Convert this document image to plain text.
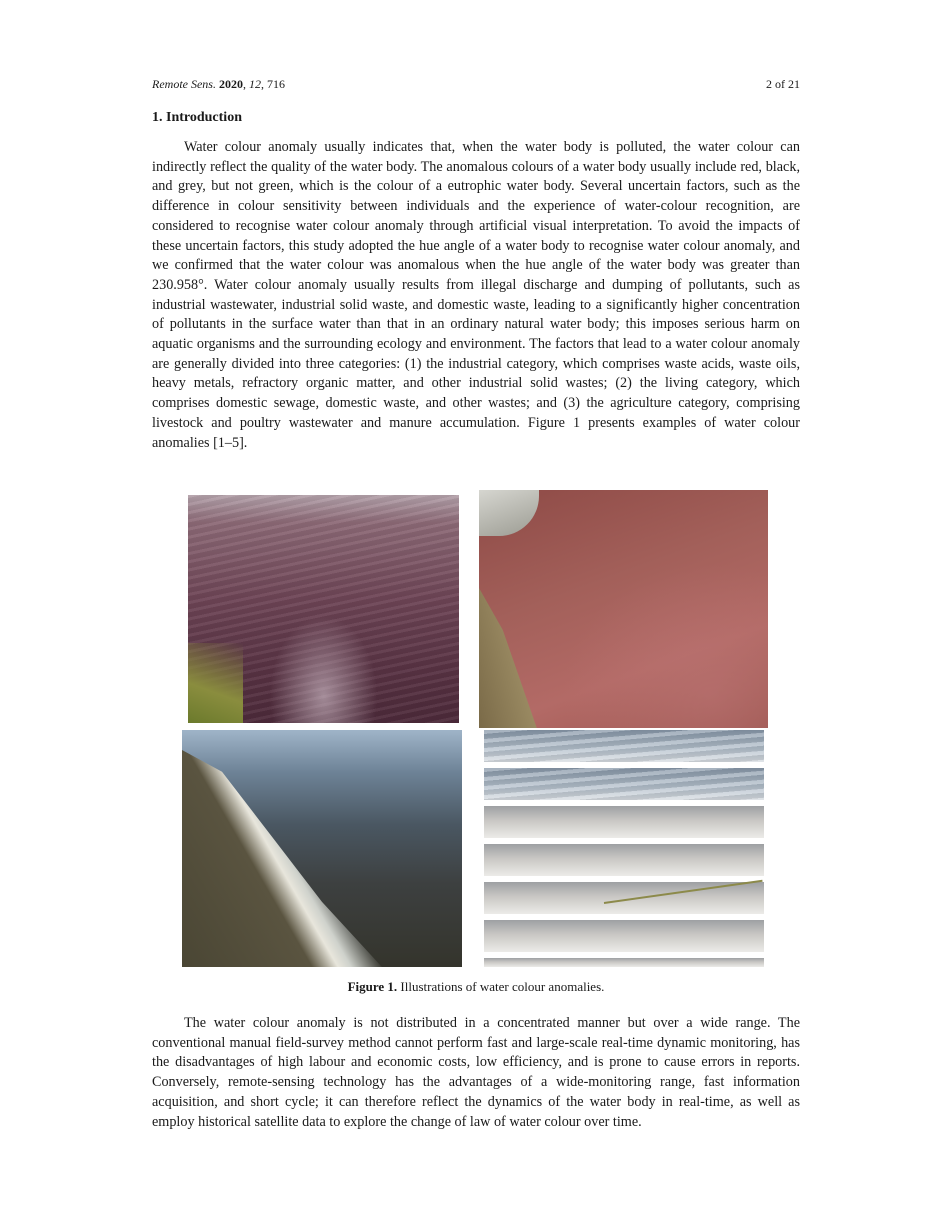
Remote Sens. 2020, 12, 716	2 of 21
1. Introduction

Water colour anomaly usually indicates that, when the water body is polluted, the water colour can indirectly reflect the quality of the water body. The anomalous colours of a water body usually include red, black, and grey, but not green, which is the colour of a eutrophic water body. Several uncertain factors, such as the difference in colour sensitivity between individuals and the experience of water-colour recognition, are considered to recognise water colour anomaly through artificial visual interpretation. To avoid the impacts of these uncertain factors, this study adopted the hue angle of a water body to recognise water colour anomaly, and we confirmed that the water colour was anomalous when the hue angle of the water body was greater than 230.958°. Water colour anomaly usually results from illegal discharge and dumping of pollutants, such as industrial wastewater, industrial solid waste, and domestic waste, leading to a significantly higher concentration of pollutants in the surface water than that in an ordinary natural water body; this imposes serious harm on aquatic organisms and the surrounding ecology and environment. The factors that lead to a water colour anomaly are generally divided into three categories: (1) the industrial category, which comprises waste acids, waste oils, heavy metals, refractory organic matter, and other industrial solid wastes; (2) the living category, which comprises domestic sewage, domestic waste, and other wastes; and (3) the agriculture category, comprising livestock and poultry wastewater and manure accumulation. Figure 1 presents examples of water colour anomalies [1–5].

Figure 1. Illustrations of water colour anomalies.

The water colour anomaly is not distributed in a concentrated manner but over a wide range. The conventional manual field-survey method cannot perform fast and large-scale real-time dynamic monitoring, has the disadvantages of high labour and economic costs, low efficiency, and is prone to cause errors in reports. Conversely, remote-sensing technology has the advantages of a wide-monitoring range, fast information acquisition, and short cycle; it can therefore reflect the dynamics of the water body in real-time, as well as employ historical satellite data to explore the change of law of water colour over time.
